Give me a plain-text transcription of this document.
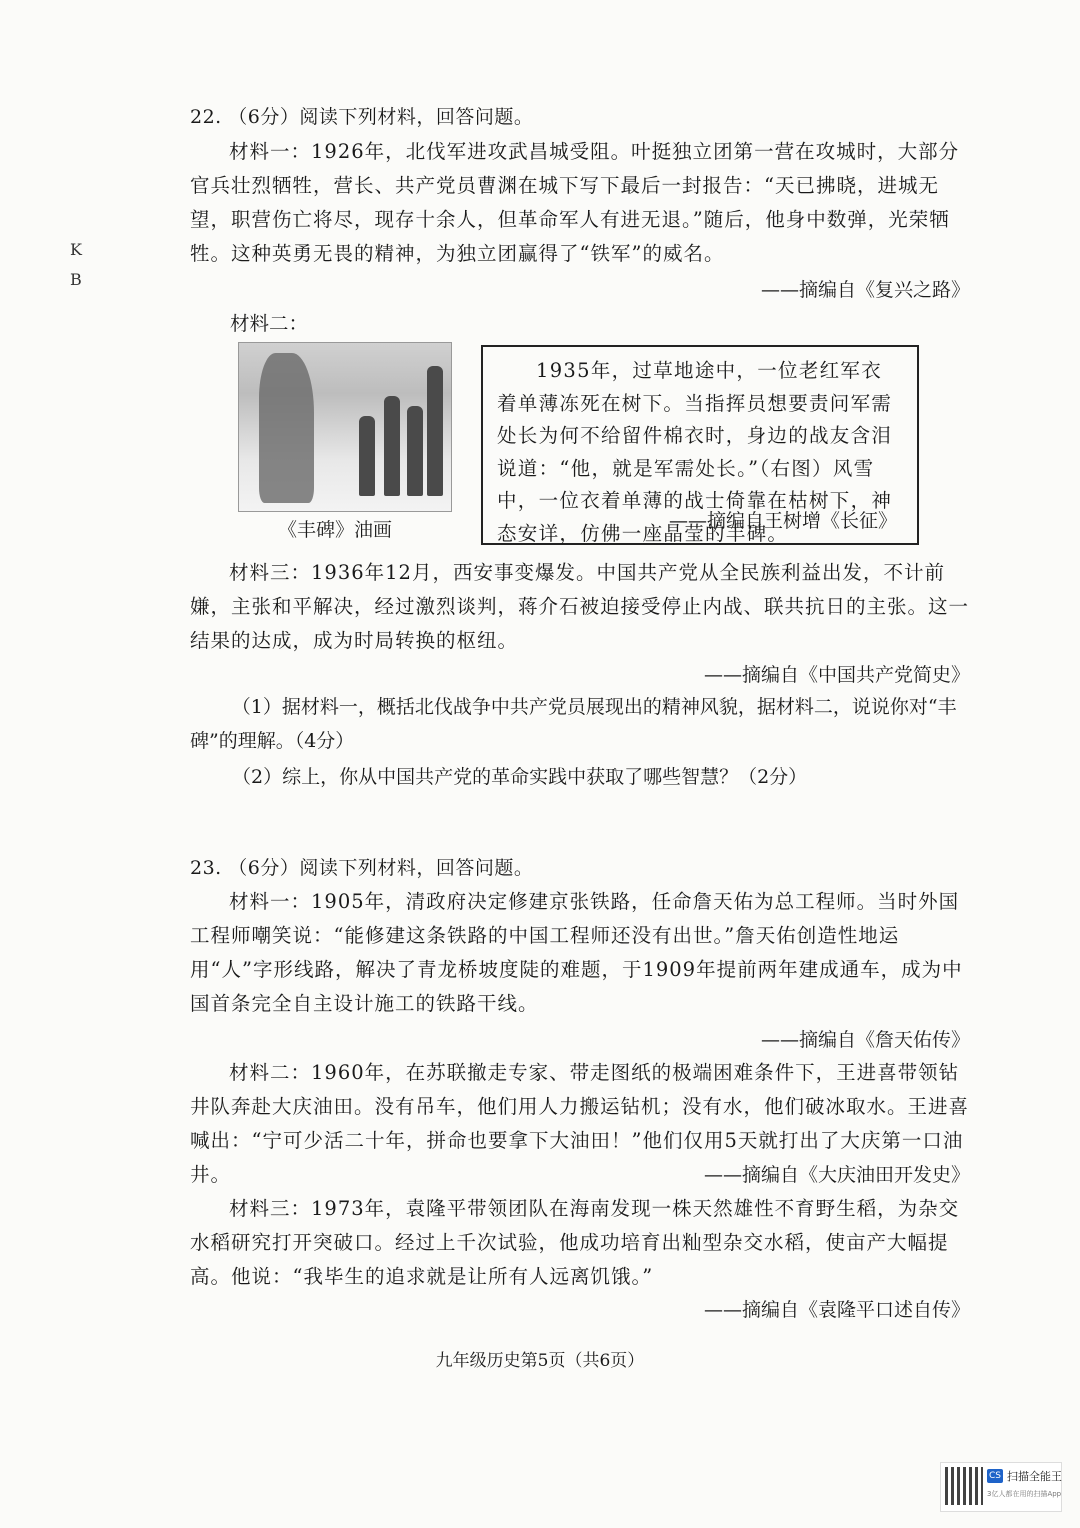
K
B
22. （6分）阅读下列材料，回答问题。
材料一：1926年，北伐军进攻武昌城受阻。叶挺独立团第一营在攻城时，大部分官兵壮烈牺牲，营长、共产党员曹渊在城下写下最后一封报告：“天已拂晓，进城无望，职营伤亡将尽，现存十余人，但革命军人有进无退。”随后，他身中数弹，光荣牺牲。这种英勇无畏的精神，为独立团赢得了“铁军”的威名。
——摘编自《复兴之路》
材料二：
《丰碑》油画
1935年，过草地途中，一位老红军衣着单薄冻死在树下。当指挥员想要责问军需处长为何不给留件棉衣时，身边的战友含泪说道：“他，就是军需处长。”（右图）风雪中，一位衣着单薄的战士倚靠在枯树下，神态安详，仿佛一座晶莹的丰碑。
——摘编自王树增《长征》
材料三：1936年12月，西安事变爆发。中国共产党从全民族利益出发，不计前嫌，主张和平解决，经过激烈谈判，蒋介石被迫接受停止内战、联共抗日的主张。这一结果的达成，成为时局转换的枢纽。
——摘编自《中国共产党简史》
（1）据材料一，概括北伐战争中共产党员展现出的精神风貌，据材料二，说说你对“丰碑”的理解。（4分）
（2）综上，你从中国共产党的革命实践中获取了哪些智慧？（2分）
23. （6分）阅读下列材料，回答问题。
材料一：1905年，清政府决定修建京张铁路，任命詹天佑为总工程师。当时外国工程师嘲笑说：“能修建这条铁路的中国工程师还没有出世。”詹天佑创造性地运用“人”字形线路，解决了青龙桥坡度陡的难题，于1909年提前两年建成通车，成为中国首条完全自主设计施工的铁路干线。
——摘编自《詹天佑传》
材料二：1960年，在苏联撤走专家、带走图纸的极端困难条件下，王进喜带领钻井队奔赴大庆油田。没有吊车，他们用人力搬运钻机；没有水，他们破冰取水。王进喜喊出：“宁可少活二十年，拼命也要拿下大油田！”他们仅用5天就打出了大庆第一口油井。	——摘编自《大庆油田开发史》
材料三：1973年，袁隆平带领团队在海南发现一株天然雄性不育野生稻，为杂交水稻研究打开突破口。经过上千次试验，他成功培育出籼型杂交水稻，使亩产大幅提高。他说：“我毕生的追求就是让所有人远离饥饿。”
——摘编自《袁隆平口述自传》
九年级历史第5页（共6页）
CS 扫描全能王
3亿人都在用的扫描App
